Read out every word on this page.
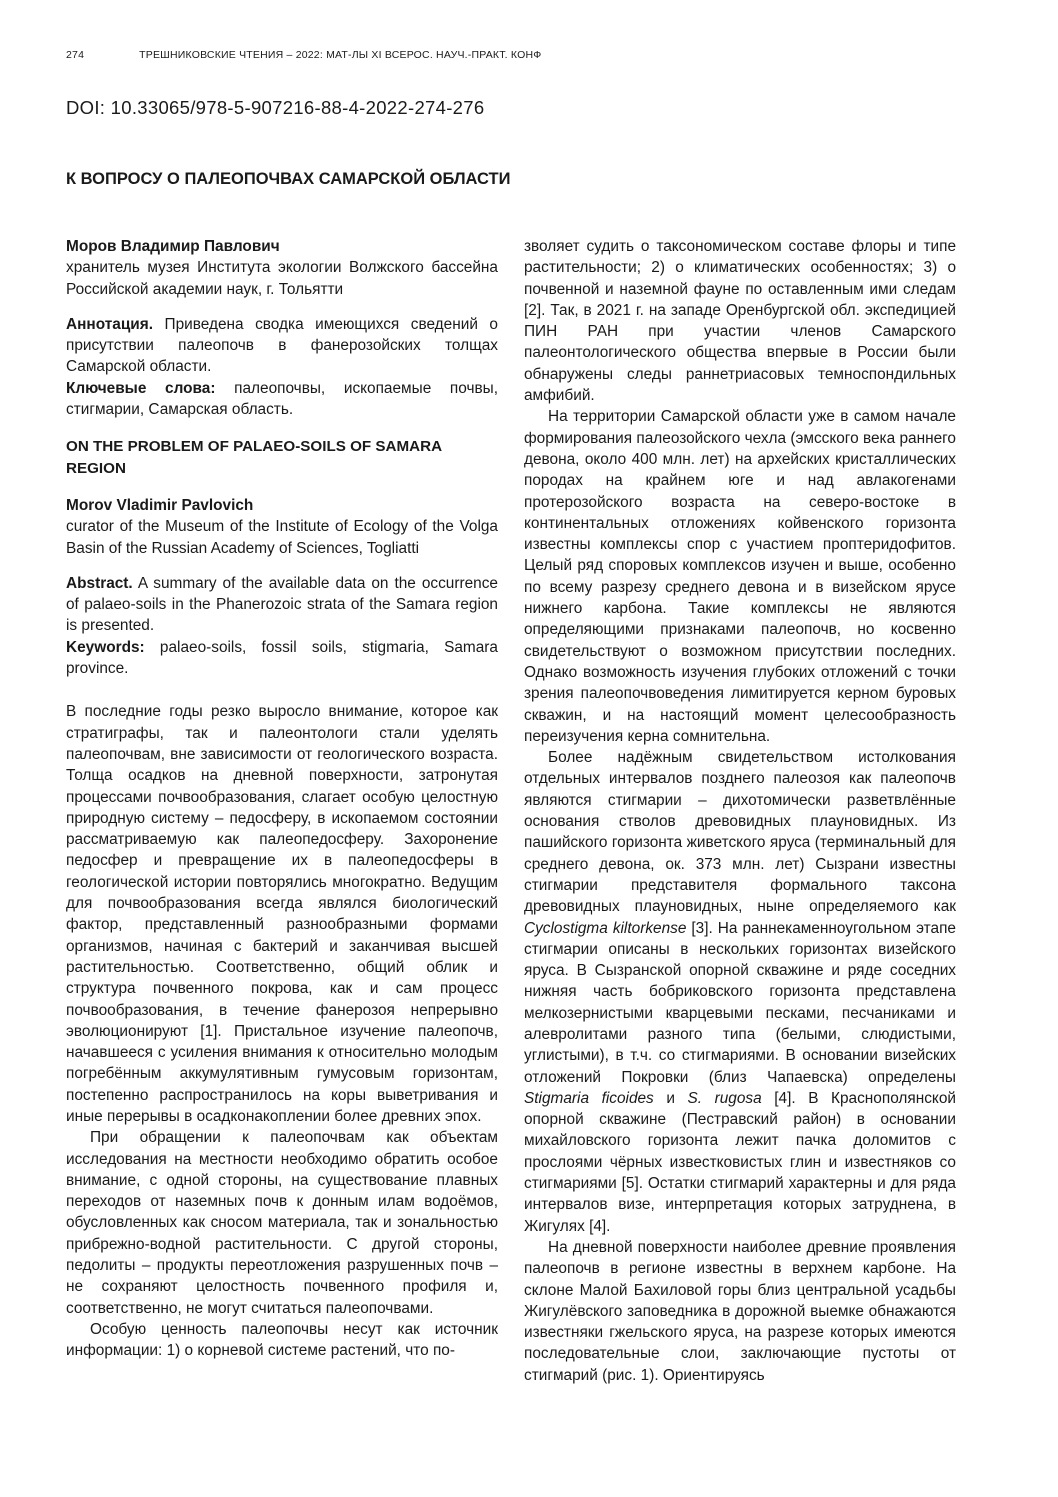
274	ТРЕШНИКОВСКИЕ ЧТЕНИЯ – 2022: МАТ-ЛЫ XI ВСЕРОС. НАУЧ.-ПРАКТ. КОНФ
DOI: 10.33065/978-5-907216-88-4-2022-274-276
К ВОПРОСУ О ПАЛЕОПОЧВАХ САМАРСКОЙ ОБЛАСТИ

Моров Владимир Павлович

хранитель музея Института экологии Волжского бассейна Российской академии наук, г. Тольятти

Аннотация. Приведена сводка имеющихся сведений о присутствии палеопочв в фанерозойских толщах Самарской области.

Ключевые слова: палеопочвы, ископаемые почвы, стигмарии, Самарская область.

ON THE PROBLEM OF PALAEO-SOILS OF SAMARA REGION

Morov Vladimir Pavlovich

curator of the Museum of the Institute of Ecology of the Volga Basin of the Russian Academy of Sciences, Togliatti

Abstract. A summary of the available data on the occurrence of palaeo-soils in the Phanerozoic strata of the Samara region is presented.

Keywords: palaeo-soils, fossil soils, stigmaria, Samara province.

В последние годы резко выросло внимание, которое как стратиграфы, так и палеонтологи стали уделять палеопочвам, вне зависимости от геологического возраста. Толща осадков на дневной поверхности, затронутая процессами почвообразования, слагает особую целостную природную систему – педосферу, в ископаемом состоянии рассматриваемую как палеопедосферу. Захоронение педосфер и превращение их в палеопедосферы в геологической истории повторялись многократно. Ведущим для почвообразования всегда являлся биологический фактор, представленный разнообразными формами организмов, начиная с бактерий и заканчивая высшей растительностью. Соответственно, общий облик и структура почвенного покрова, как и сам процесс почвообразования, в течение фанерозоя непрерывно эволюционируют [1]. Пристальное изучение палеопочв, начавшееся с усиления внимания к относительно молодым погребённым аккумулятивным гумусовым горизонтам, постепенно распространилось на коры выветривания и иные перерывы в осадконакоплении более древних эпох.

При обращении к палеопочвам как объектам исследования на местности необходимо обратить особое внимание, с одной стороны, на существование плавных переходов от наземных почв к донным илам водоёмов, обусловленных как сносом материала, так и зональностью прибрежно-водной растительности. С другой стороны, педолиты – продукты переотложения разрушенных почв – не сохраняют целостность почвенного профиля и, соответственно, не могут считаться палеопочвами.

Особую ценность палеопочвы несут как источник информации: 1) о корневой системе растений, что по-

зволяет судить о таксономическом составе флоры и типе растительности; 2) о климатических особенностях; 3) о почвенной и наземной фауне по оставленным ими следам [2]. Так, в 2021 г. на западе Оренбургской обл. экспедицией ПИН РАН при участии членов Самарского палеонтологического общества впервые в России были обнаружены следы раннетриасовых темноспондильных амфибий.

На территории Самарской области уже в самом начале формирования палеозойского чехла (эмсского века раннего девона, около 400 млн. лет) на архейских кристаллических породах на крайнем юге и над авлакогенами протерозойского возраста на северо-востоке в континентальных отложениях койвенского горизонта известны комплексы спор с участием проптеридофитов. Целый ряд споровых комплексов изучен и выше, особенно по всему разрезу среднего девона и в визейском ярусе нижнего карбона. Такие комплексы не являются определяющими признаками палеопочв, но косвенно свидетельствуют о возможном присутствии последних. Однако возможность изучения глубоких отложений с точки зрения палеопочвоведения лимитируется керном буровых скважин, и на настоящий момент целесообразность переизучения керна сомнительна.

Более надёжным свидетельством истолкования отдельных интервалов позднего палеозоя как палеопочв являются стигмарии – дихотомически разветвлённые основания стволов древовидных плауновидных. Из пашийского горизонта живетского яруса (терминальный для среднего девона, ок. 373 млн. лет) Сызрани известны стигмарии представителя формального таксона древовидных плауновидных, ныне определяемого как Cyclostigma kiltorkense [3]. На раннекаменноугольном этапе стигмарии описаны в нескольких горизонтах визейского яруса. В Сызранской опорной скважине и ряде соседних нижняя часть бобриковского горизонта представлена мелкозернистыми кварцевыми песками, песчаниками и алевролитами разного типа (белыми, слюдистыми, углистыми), в т.ч. со стигмариями. В основании визейских отложений Покровки (близ Чапаевска) определены Stigmaria ficoides и S. rugosa [4]. В Краснополянской опорной скважине (Пестравский район) в основании михайловского горизонта лежит пачка доломитов с прослоями чёрных известковистых глин и известняков со стигмариями [5]. Остатки стигмарий характерны и для ряда интервалов визе, интерпретация которых затруднена, в Жигулях [4].

На дневной поверхности наиболее древние проявления палеопочв в регионе известны в верхнем карбоне. На склоне Малой Бахиловой горы близ центральной усадьбы Жигулёвского заповедника в дорожной выемке обнажаются известняки гжельского яруса, на разрезе которых имеются последовательные слои, заключающие пустоты от стигмарий (рис. 1). Ориентируясь
